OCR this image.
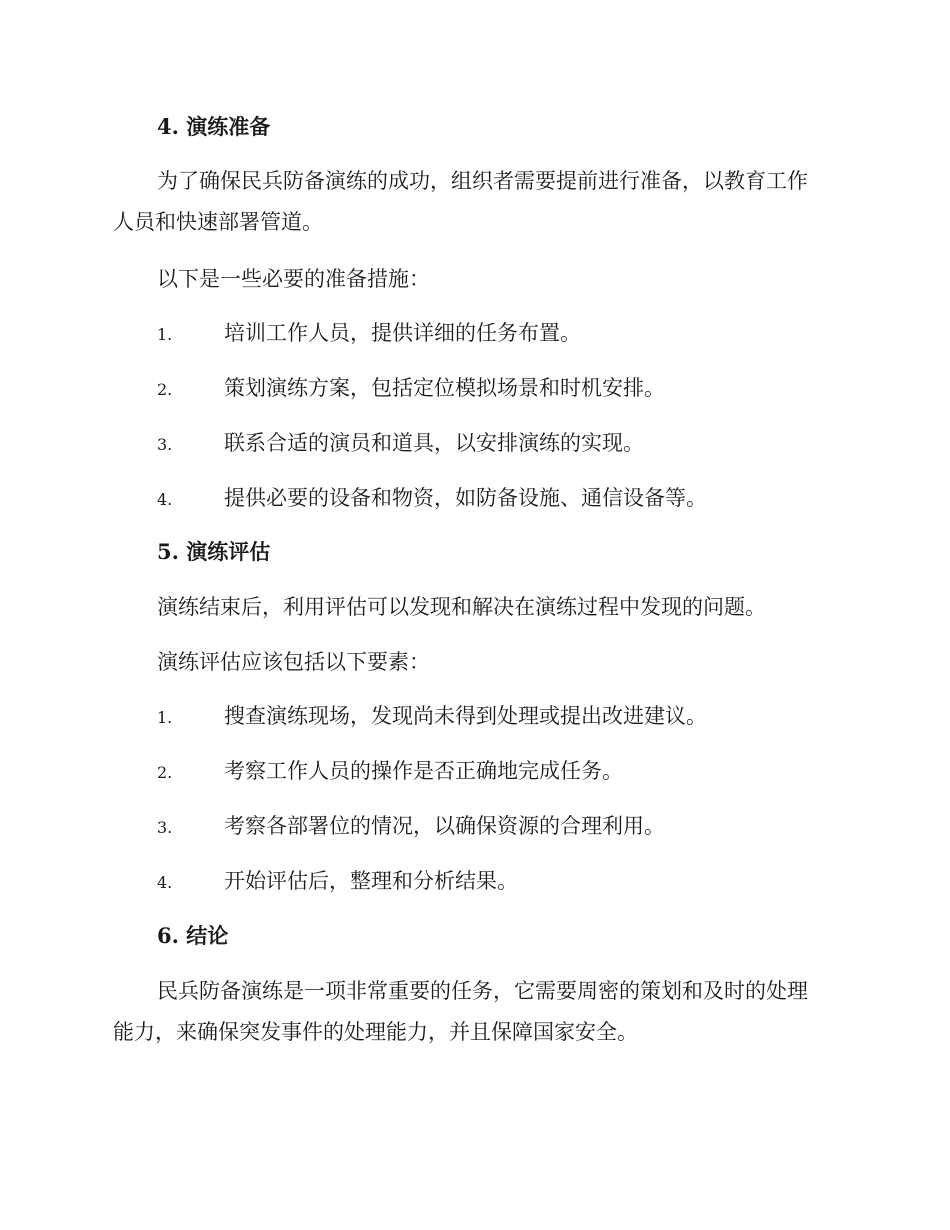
4. 演练准备
为了确保民兵防备演练的成功，组织者需要提前进行准备，以教育工作
人员和快速部署管道。
以下是一些必要的准备措施：
1. 培训工作人员，提供详细的任务布置。
2. 策划演练方案，包括定位模拟场景和时机安排。
3. 联系合适的演员和道具，以安排演练的实现。
4. 提供必要的设备和物资，如防备设施、通信设备等。
5. 演练评估
演练结束后，利用评估可以发现和解决在演练过程中发现的问题。
演练评估应该包括以下要素：
1. 搜查演练现场，发现尚未得到处理或提出改进建议。
2. 考察工作人员的操作是否正确地完成任务。
3. 考察各部署位的情况，以确保资源的合理利用。
4. 开始评估后，整理和分析结果。
6. 结论
民兵防备演练是一项非常重要的任务，它需要周密的策划和及时的处理
能力，来确保突发事件的处理能力，并且保障国家安全。
